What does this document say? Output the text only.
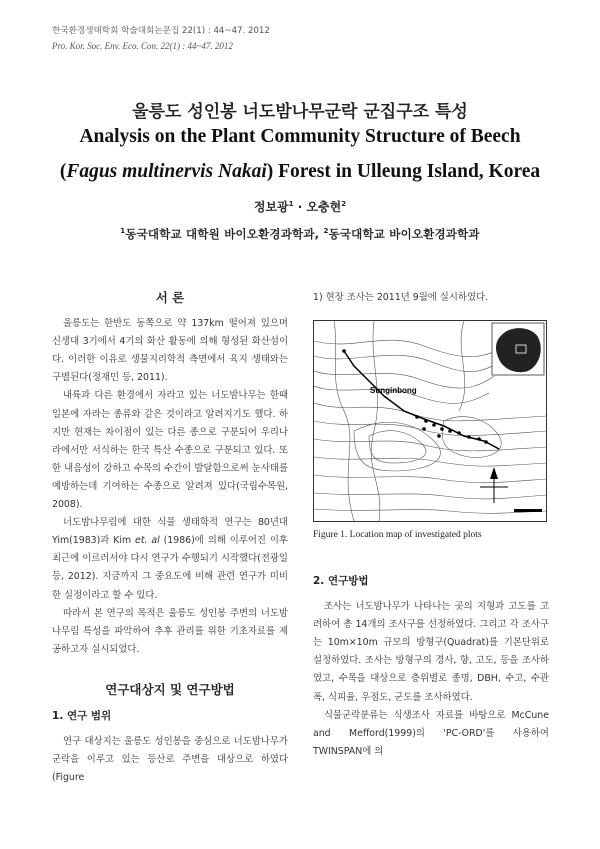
한국환경생태학회 학술대회논문집 22(1) : 44~47. 2012
Pro. Kor. Soc. Env. Eco. Con. 22(1) : 44~47. 2012
울릉도 성인봉 너도밤나무군락 군집구조 특성
Analysis on the Plant Community Structure of Beech
(Fagus multinervis Nakai) Forest in Ulleung Island, Korea
정보광$^1$ · 오충현$^2$
$^1$동국대학교 대학원 바이오환경과학과, $^2$동국대학교 바이오환경과학과
서 론

울릉도는 한반도 동쪽으로 약 137km 떨어져 있으며 신생대 3기에서 4기의 화산 활동에 의해 형성된 화산섬이다. 이러한 이유로 생물지리학적 측면에서 육지 생태와는 구별된다(정재민 등, 2011).

내륙과 다른 환경에서 자라고 있는 너도밤나무는 한때 일본에 자라는 종류와 같은 것이라고 알려지기도 했다. 하지만 현재는 차이점이 있는 다른 종으로 구분되어 우리나라에서만 서식하는 한국 특산 수종으로 구분되고 있다. 또한 내음성이 강하고 수목의 수간이 발달함으로써 눈사태를 예방하는데 기여하는 수종으로 알려져 있다(국립수목원, 2008).

너도밤나무림에 대한 식물 생태학적 연구는 80년대 Yim(1983)과 Kim et. al (1986)에 의해 이루어진 이후 최근에 이르러서야 다시 연구가 수행되기 시작했다(전광일 등, 2012). 지금까지 그 중요도에 비해 관련 연구가 미비한 실정이라고 할 수 있다.

따라서 본 연구의 목적은 울릉도 성인봉 주변의 너도밤나무림 특성을 파악하여 추후 관리를 위한 기초자료를 제공하고자 실시되었다.

연구대상지 및 연구방법
1. 연구 범위

연구 대상지는 울릉도 성인봉을 중심으로 너도밤나무가 군락을 이루고 있는 등산로 주변을 대상으로 하였다(Figure

1) 현장 조사는 2011년 9월에 실시하였다.

Sunginbong
Figure 1. Location map of investigated plots
2. 연구방법

조사는 너도밤나무가 나타나는 곳의 지형과 고도를 고려하여 총 14개의 조사구를 선정하였다. 그리고 각 조사구는 10m×10m 규모의 방형구(Quadrat)를 기본단위로 설정하였다. 조사는 방형구의 경사, 향, 고도, 등을 조사하였고, 수목을 대상으로 층위별로 종명, DBH, 수고, 수관폭, 식피율, 우점도, 군도를 조사하였다.

식물군락분류는 식생조사 자료를 바탕으로 McCune and Mefford(1999)의 'PC-ORD'를 사용하여 TWINSPAN에 의
